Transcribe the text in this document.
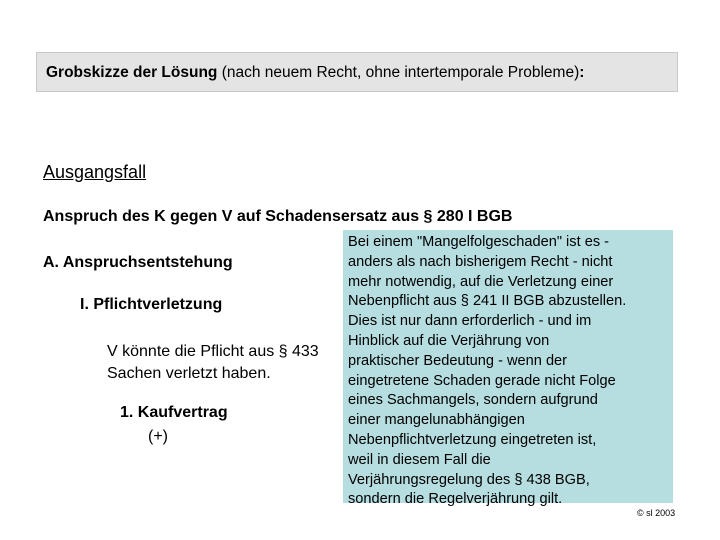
Grobskizze der Lösung (nach neuem Recht, ohne intertemporale Probleme):
Ausgangsfall
Anspruch des K gegen V auf Schadensersatz aus § 280 I BGB
A. Anspruchsentstehung
I. Pflichtverletzung
V könnte die Pflicht aus § 433
Sachen verletzt haben.
1. Kaufvertrag
(+)
Bei einem "Mangelfolgeschaden" ist es -
anders als nach bisherigem Recht - nicht
mehr notwendig, auf die Verletzung einer
Nebenpflicht aus § 241 II BGB abzustellen.
Dies ist nur dann erforderlich - und im
Hinblick auf die Verjährung von
praktischer Bedeutung - wenn der
eingetretene Schaden gerade nicht Folge
eines Sachmangels, sondern aufgrund
einer mangelunabhängigen
Nebenpflichtverletzung eingetreten ist,
weil in diesem Fall die
Verjährungsregelung des § 438 BGB,
sondern die Regelverjährung gilt.
© sl 2003
